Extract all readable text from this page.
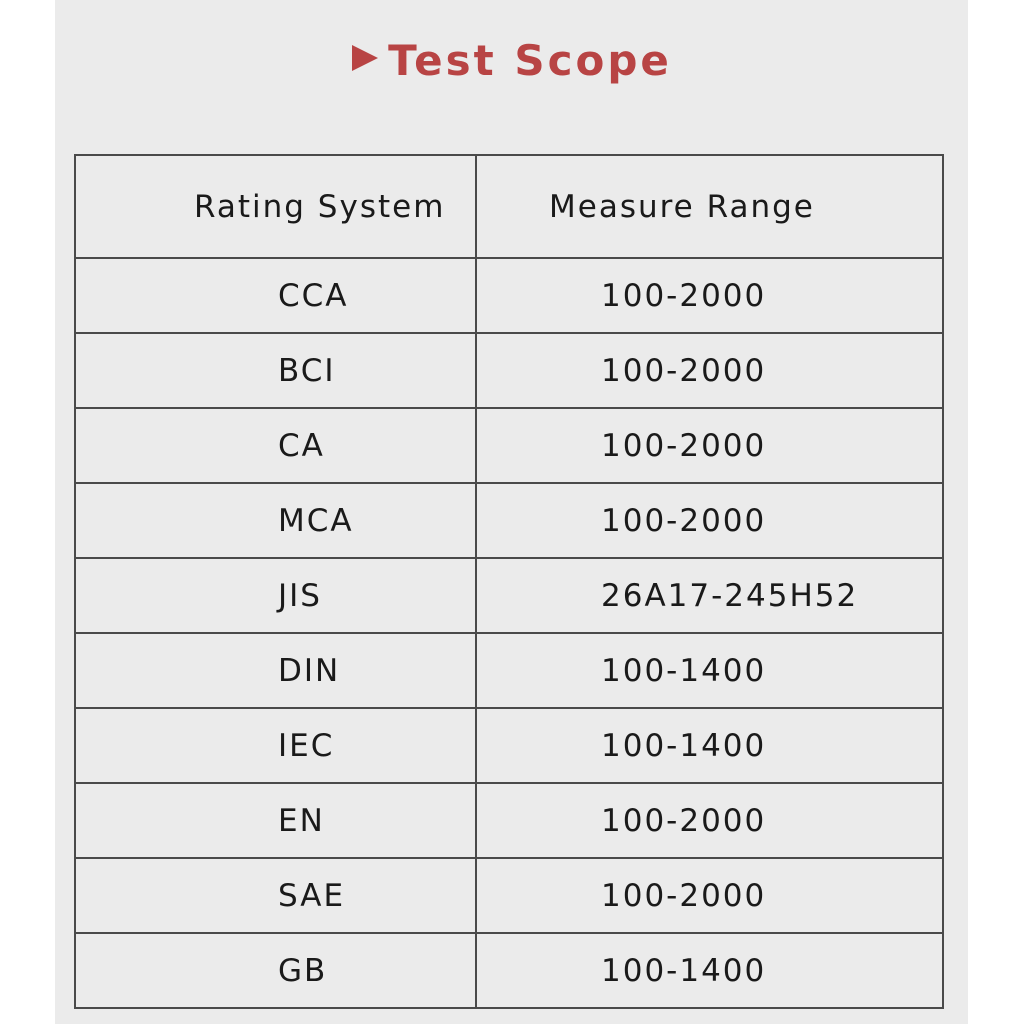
Test Scope
Rating System	Measure Range
CCA	100-2000
BCI	100-2000
CA	100-2000
MCA	100-2000
JIS	26A17-245H52
DIN	100-1400
IEC	100-1400
EN	100-2000
SAE	100-2000
GB	100-1400
